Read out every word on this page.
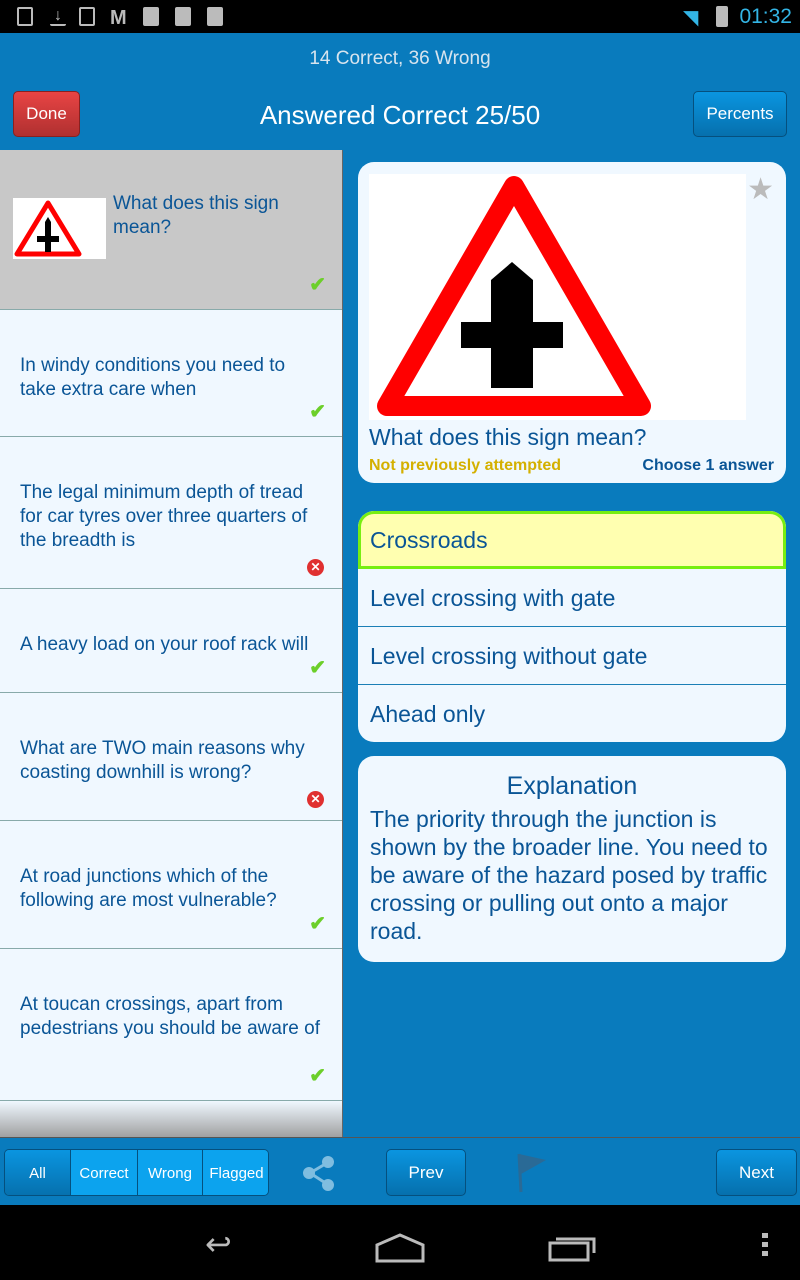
↓ M	◥ 01:32
14 Correct, 36 Wrong
Answered Correct 25/50
Done	Percents
What does this sign mean?
✔
In windy conditions you need to take extra care when
✔
The legal minimum depth of tread for car tyres over three quarters of the breadth is
✕
A heavy load on your roof rack will
✔
What are TWO main reasons why coasting downhill is wrong?
✕
At road junctions which of the following are most vulnerable?
✔
At toucan crossings, apart from pedestrians you should be aware of
✔
★
What does this sign mean?
Not previously attempted	Choose 1 answer
Crossroads
Level crossing with gate
Level crossing without gate
Ahead only
Explanation
The priority through the junction is shown by the broader line. You need to be aware of the hazard posed by traffic crossing or pulling out onto a major road.
All	Correct	Wrong	Flagged	Prev	Next
↩
